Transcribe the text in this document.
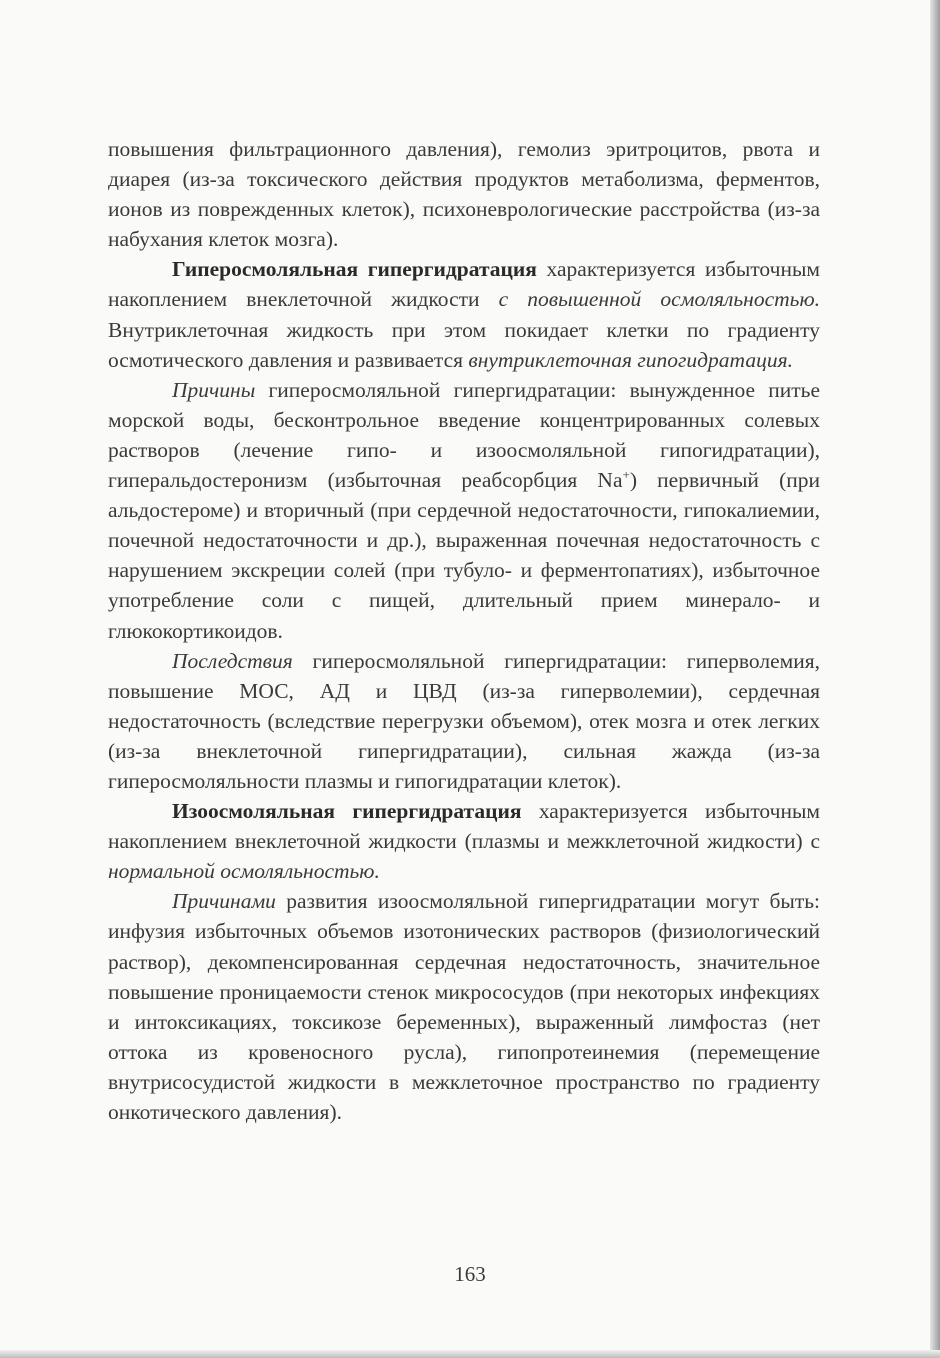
повышения фильтрационного давления), гемолиз эритроцитов, рвота и диарея (из-за токсического действия продуктов метаболизма, ферментов, ионов из поврежденных клеток), психоневрологические расстройства (из-за набухания клеток мозга).

Гиперосмоляльная гипергидратация характеризуется избыточным накоплением внеклеточной жидкости с повышенной осмоляльностью. Внутриклеточная жидкость при этом покидает клетки по градиенту осмотического давления и развивается внутриклеточная гипогидратация.

Причины гиперосмоляльной гипергидратации: вынужденное питье морской воды, бесконтрольное введение концентрированных солевых растворов (лечение гипо- и изоосмоляльной гипогидратации), гиперальдостеронизм (избыточная реабсорбция Na+) первичный (при альдостероме) и вторичный (при сердечной недостаточности, гипокалиемии, почечной недостаточности и др.), выраженная почечная недостаточность с нарушением экскреции солей (при тубуло- и ферментопатиях), избыточное употребление соли с пищей, длительный прием минерало- и глюкокортикоидов.

Последствия гиперосмоляльной гипергидратации: гиперволемия, повышение МОС, АД и ЦВД (из-за гиперволемии), сердечная недостаточность (вследствие перегрузки объемом), отек мозга и отек легких (из-за внеклеточной гипергидратации), сильная жажда (из-за гиперосмоляльности плазмы и гипогидратации клеток).

Изоосмоляльная гипергидратация характеризуется избыточным накоплением внеклеточной жидкости (плазмы и межклеточной жидкости) с нормальной осмоляльностью.

Причинами развития изоосмоляльной гипергидратации могут быть: инфузия избыточных объемов изотонических растворов (физиологический раствор), декомпенсированная сердечная недостаточность, значительное повышение проницаемости стенок микрососудов (при некоторых инфекциях и интоксикациях, токсикозе беременных), выраженный лимфостаз (нет оттока из кровеносного русла), гипопротеинемия (перемещение внутрисосудистой жидкости в межклеточное пространство по градиенту онкотического давления).

163
